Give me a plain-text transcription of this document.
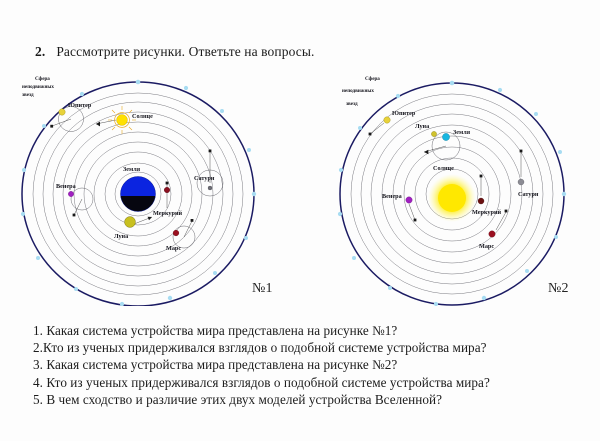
2. Рассмотрите рисунки. Ответьте на вопросы.
Сатурн
Юпитер
Солнце
Венера
Земля
Меркурий
Луна
Марс
Сфера
неподвижных
звезд
Сатурн
Юпитер
Земля
Луна
Солнце
Меркурий
Венера
Марс
Сфера
неподвижных
звезд
№1	№2
1. Какая система устройства мира представлена на рисунке №1?
2.Кто из ученых придерживался взглядов о подобной системе устройства мира?
3. Какая система устройства мира представлена на рисунке №2?
4. Кто из ученых придерживался взглядов о подобной системе устройства мира?
5. В чем сходство и различие этих двух моделей устройства Вселенной?
